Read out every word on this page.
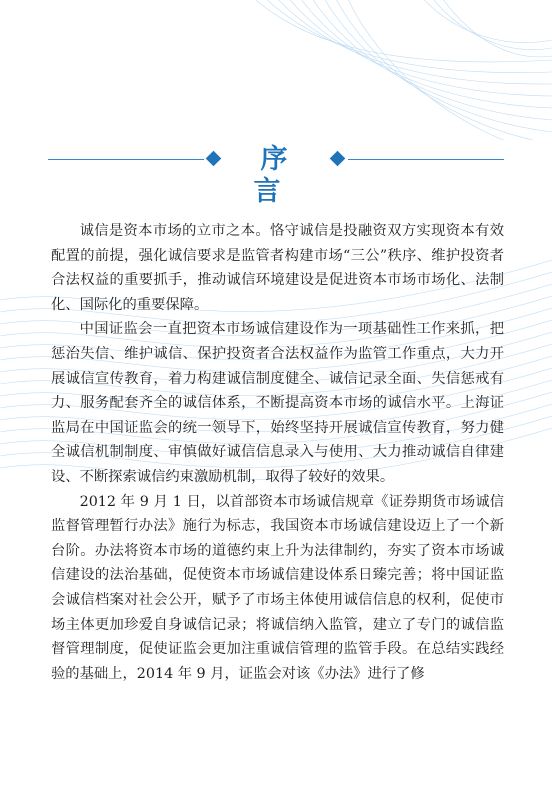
序 言

诚信是资本市场的立市之本。恪守诚信是投融资双方实现资本有效配置的前提，强化诚信要求是监管者构建市场“三公”秩序、维护投资者合法权益的重要抓手，推动诚信环境建设是促进资本市场市场化、法制化、国际化的重要保障。

中国证监会一直把资本市场诚信建设作为一项基础性工作来抓，把惩治失信、维护诚信、保护投资者合法权益作为监管工作重点，大力开展诚信宣传教育，着力构建诚信制度健全、诚信记录全面、失信惩戒有力、服务配套齐全的诚信体系，不断提高资本市场的诚信水平。上海证监局在中国证监会的统一领导下，始终坚持开展诚信宣传教育，努力健全诚信机制制度、审慎做好诚信信息录入与使用、大力推动诚信自律建设、不断探索诚信约束激励机制，取得了较好的效果。

2012 年 9 月 1 日，以首部资本市场诚信规章《证券期货市场诚信监督管理暂行办法》施行为标志，我国资本市场诚信建设迈上了一个新台阶。办法将资本市场的道德约束上升为法律制约，夯实了资本市场诚信建设的法治基础，促使资本市场诚信建设体系日臻完善；将中国证监会诚信档案对社会公开，赋予了市场主体使用诚信信息的权利，促使市场主体更加珍爱自身诚信记录；将诚信纳入监管，建立了专门的诚信监督管理制度，促使证监会更加注重诚信管理的监管手段。在总结实践经验的基础上，2014 年 9 月，证监会对该《办法》进行了修
